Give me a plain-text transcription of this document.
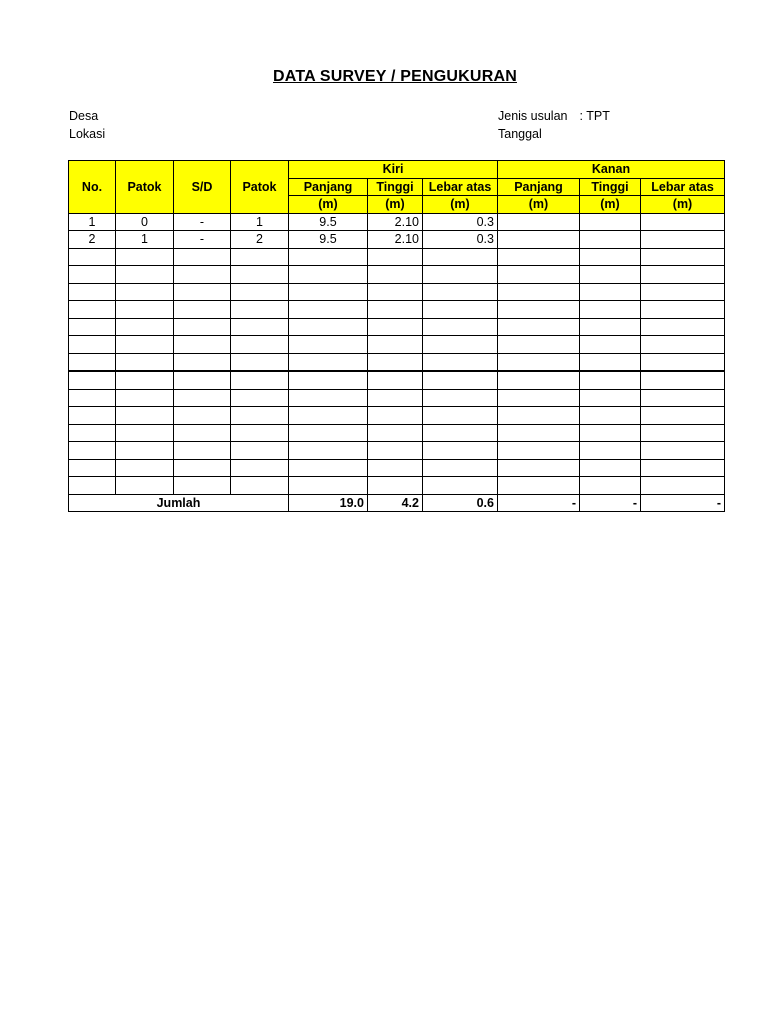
DATA SURVEY / PENGUKURAN
Desa
Lokasi
Jenis usulan : TPT
Tanggal
No.	Patok	S/D	Patok	Kiri			Kanan		
				Panjang	Tinggi	Lebar atas	Panjang	Tinggi	Lebar atas
				(m)	(m)	(m)	(m)	(m)	(m)
1	0	-	1	9.5	2.10	0.3			
2	1	-	2	9.5	2.10	0.3			

Jumlah				19.0	4.2	0.6	-	-	-
